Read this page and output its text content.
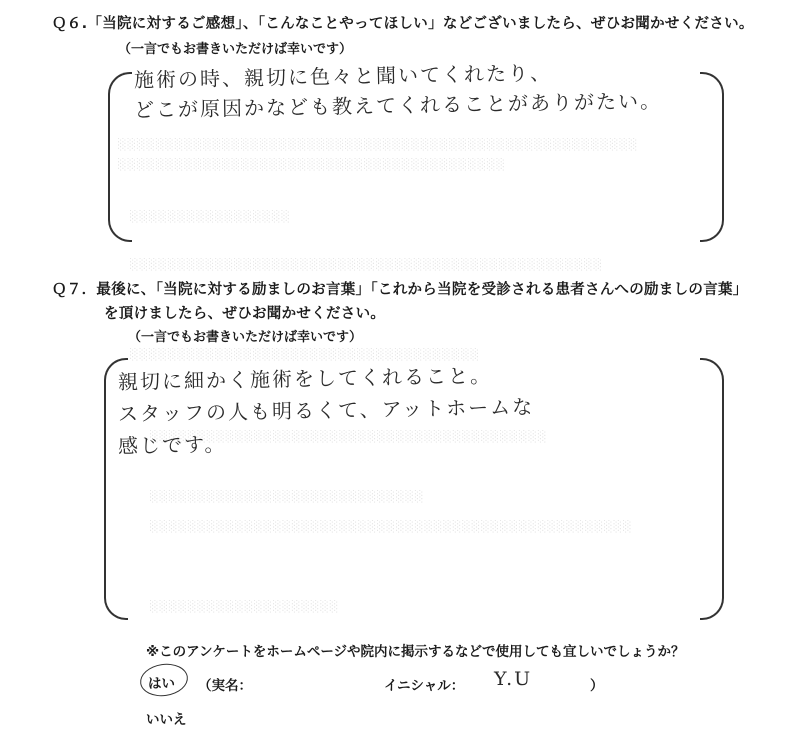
░░░░░░░░░░░░░░░░░░░░░░░░░░░░░░░░░░░░░░░░░░░░░░░░░░░░░░░
░░░░░░░░░░░░░░░░░░░░░░░░░░░░░░░░░░░░░░░░░
░░░░░░░░░░░░░░░░░
░░░░░░░░░░░░░░░░░░░░░░░░░░░░░░░░░░░░░░░░░░░░░░░░░░
░░░░░░░░░░░░░░░░░░░░░░░░░░░░░░░░░░░░░
░░░░░░░░░░░░░░░░░░░░░░░░░░░░░░░░░░░░░░░░░░
░░░░░░░░░░░░░░░░░░░░░░░░░░░░░
░░░░░░░░░░░░░░░░░░░░░░░░░░░░░░░░░░░░░░░░░░░░░░░░░░░
░░░░░░░░░░░░░░░░░░░░
Ｑ６.「当院に対するご感想」、「こんなことやってほしい」などございましたら、ぜひお聞かせください。
（一言でもお書きいただけば幸いです）
施術の時、親切に色々と聞いてくれたり、
どこが原因かなども教えてくれることがありがたい。
Ｑ７．最後に、「当院に対する励ましのお言葉」「これから当院を受診される患者さんへの励ましの言葉」
を頂けましたら、ぜひお聞かせください。
（一言でもお書きいただけば幸いです）
親切に細かく施術をしてくれること。
スタッフの人も明るくて、アットホームな
感じです。
※このアンケートをホームページや院内に掲示するなどで使用しても宜しいでしょうか？
はい
いいえ
（実名：	イニシャル： Y.U	）
